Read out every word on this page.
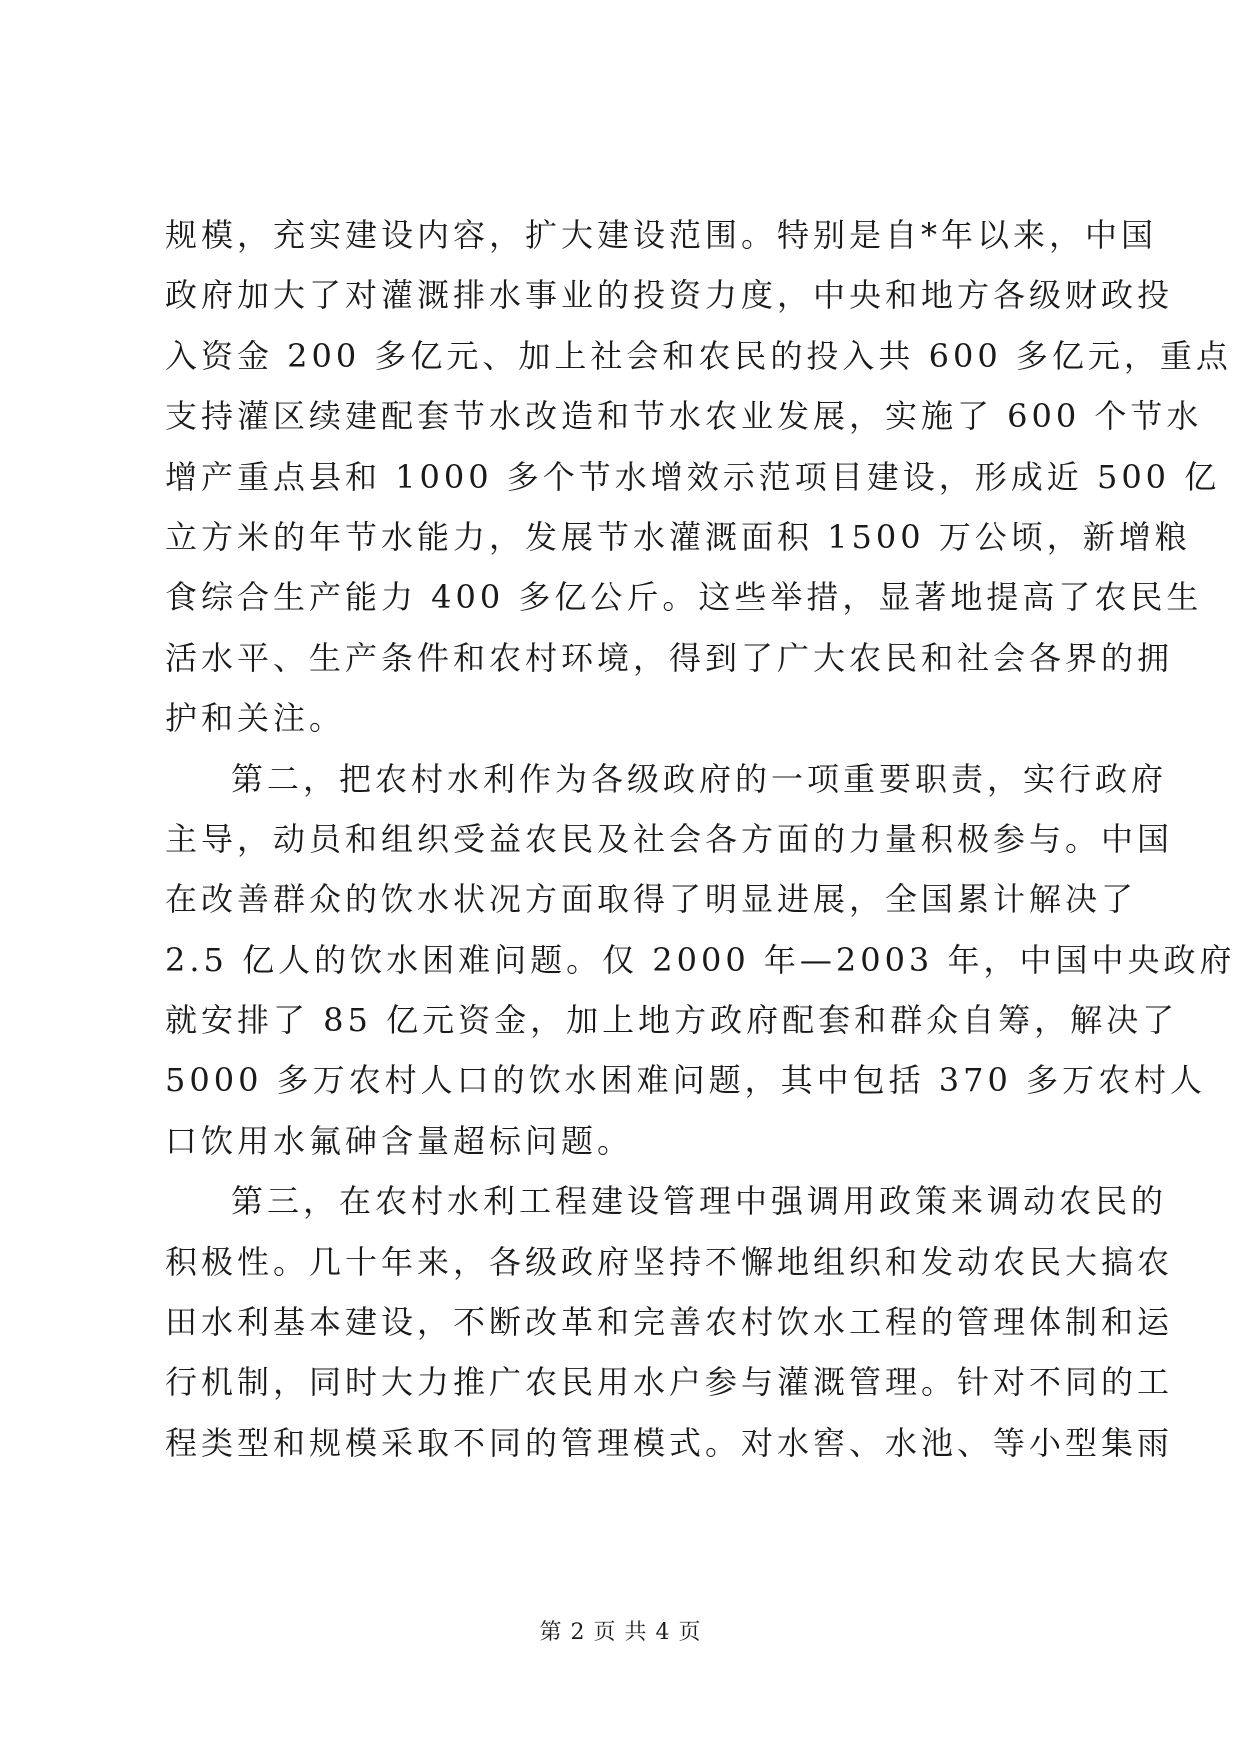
规模，充实建设内容，扩大建设范围。特别是自*年以来，中国
政府加大了对灌溉排水事业的投资力度，中央和地方各级财政投
入资金 200 多亿元、加上社会和农民的投入共 600 多亿元，重点
支持灌区续建配套节水改造和节水农业发展，实施了 600 个节水
增产重点县和 1000 多个节水增效示范项目建设，形成近 500 亿
立方米的年节水能力，发展节水灌溉面积 1500 万公顷，新增粮
食综合生产能力 400 多亿公斤。这些举措，显著地提高了农民生
活水平、生产条件和农村环境，得到了广大农民和社会各界的拥
护和关注。
第二，把农村水利作为各级政府的一项重要职责，实行政府
主导，动员和组织受益农民及社会各方面的力量积极参与。中国
在改善群众的饮水状况方面取得了明显进展，全国累计解决了
2.5 亿人的饮水困难问题。仅 2000 年—2003 年，中国中央政府
就安排了 85 亿元资金，加上地方政府配套和群众自筹，解决了
5000 多万农村人口的饮水困难问题，其中包括 370 多万农村人
口饮用水氟砷含量超标问题。
第三，在农村水利工程建设管理中强调用政策来调动农民的
积极性。几十年来，各级政府坚持不懈地组织和发动农民大搞农
田水利基本建设，不断改革和完善农村饮水工程的管理体制和运
行机制，同时大力推广农民用水户参与灌溉管理。针对不同的工
程类型和规模采取不同的管理模式。对水窖、水池、等小型集雨
第 2 页 共 4 页
